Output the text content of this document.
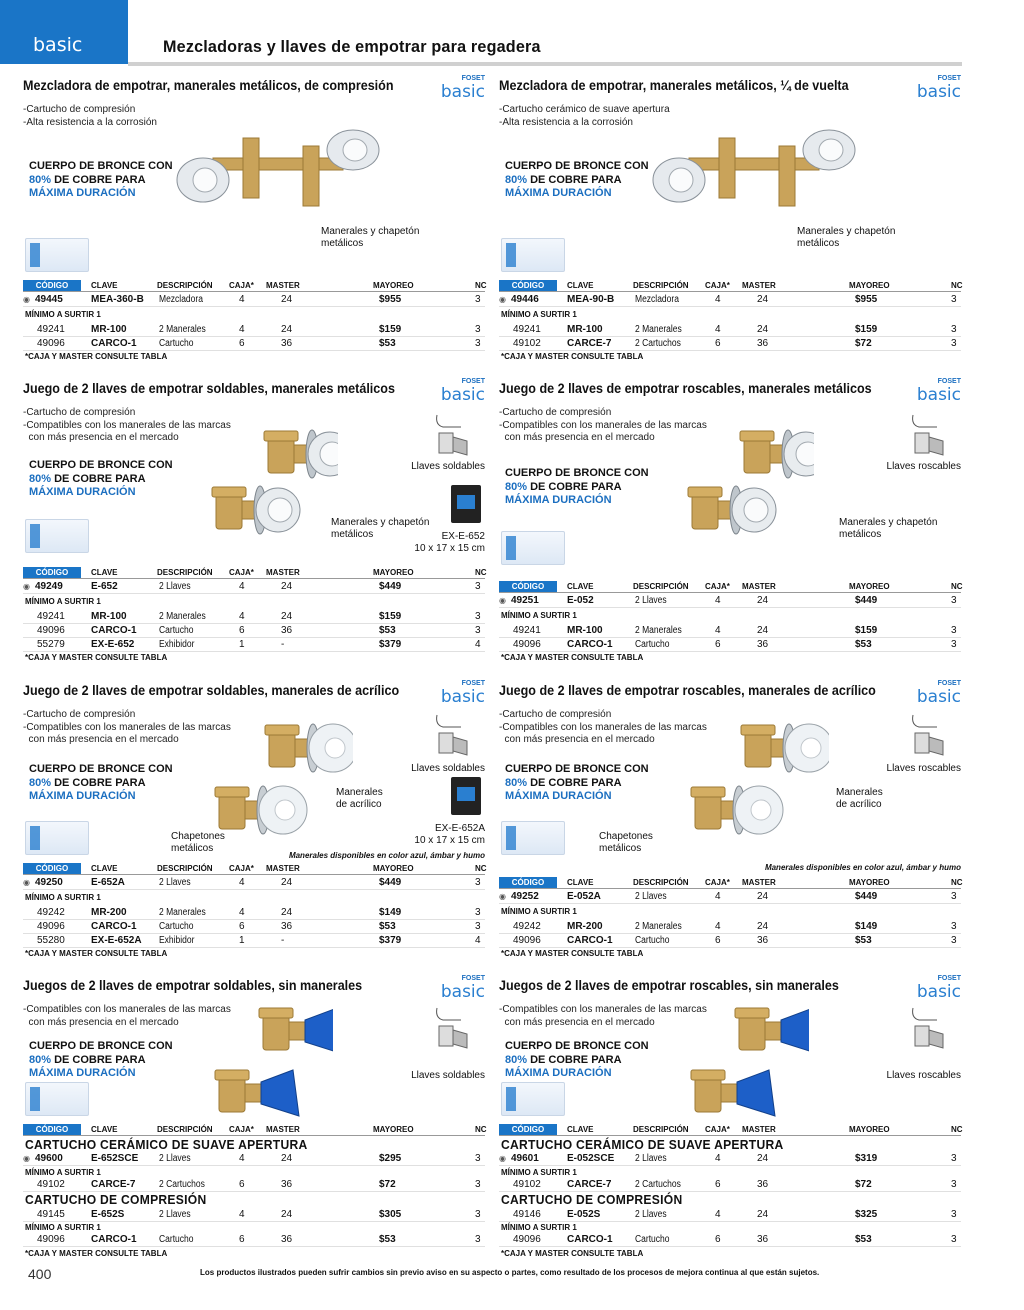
basic	Mezcladoras y llaves de empotrar para regadera
Mezcladora de empotrar, manerales metálicos, de compresión	FOSET
basic
-Cartucho de compresión
-Alta resistencia a la corrosión
CUERPO DE BRONCE CON
80% DE COBRE PARA
MÁXIMA DURACIÓN
Manerales y chapetón
metálicos
CÓDIGO	CLAVE	DESCRIPCIÓN CAJA* MASTER	MAYOREO	NC
◉ 49445	MEA-360-B Mezcladora	4	24	$955	3
MÍNIMO A SURTIR 1
49241	MR-100	2 Manerales	4	24	$159	3
49096	CARCO-1 Cartucho	6	36	$53	3
*CAJA Y MASTER CONSULTE TABLA
Mezcladora de empotrar, manerales metálicos, ¼ de vuelta	FOSET
basic
-Cartucho cerámico de suave apertura
-Alta resistencia a la corrosión
CUERPO DE BRONCE CON
80% DE COBRE PARA
MÁXIMA DURACIÓN
Manerales y chapetón
metálicos
CÓDIGO	CLAVE	DESCRIPCIÓN CAJA* MASTER	MAYOREO	NC
◉ 49446	MEA-90-B Mezcladora	4	24	$955	3
MÍNIMO A SURTIR 1
49241	MR-100	2 Manerales	4	24	$159	3
49102	CARCE-7 2 Cartuchos	6	36	$72	3
*CAJA Y MASTER CONSULTE TABLA
Juego de 2 llaves de empotrar soldables, manerales metálicos	FOSET
basic
-Cartucho de compresión
-Compatibles con los manerales de las marcas
con más presencia en el mercado
CUERPO DE BRONCE CON
80% DE COBRE PARA
MÁXIMA DURACIÓN
Llaves soldables
Manerales y chapetón
metálicos	EX-E-652
10 x 17 x 15 cm
CÓDIGO	CLAVE	DESCRIPCIÓN CAJA* MASTER	MAYOREO	NC
◉ 49249	E-652	2 Llaves	4	24	$449	3
MÍNIMO A SURTIR 1
49241	MR-100	2 Manerales	4	24	$159	3
49096	CARCO-1 Cartucho	6	36	$53	3
55279	EX-E-652 Exhibidor	1	-	$379	4
*CAJA Y MASTER CONSULTE TABLA
Juego de 2 llaves de empotrar roscables, manerales metálicos	FOSET
basic
-Cartucho de compresión
-Compatibles con los manerales de las marcas
con más presencia en el mercado
CUERPO DE BRONCE CON
80% DE COBRE PARA
MÁXIMA DURACIÓN
Llaves roscables
Manerales y chapetón
metálicos
CÓDIGO	CLAVE	DESCRIPCIÓN CAJA* MASTER	MAYOREO	NC
◉ 49251	E-052	2 Llaves	4	24	$449	3
MÍNIMO A SURTIR 1
49241	MR-100	2 Manerales	4	24	$159	3
49096	CARCO-1 Cartucho	6	36	$53	3
*CAJA Y MASTER CONSULTE TABLA
Juego de 2 llaves de empotrar soldables, manerales de acrílico	FOSET
basic
-Cartucho de compresión
-Compatibles con los manerales de las marcas
con más presencia en el mercado
CUERPO DE BRONCE CON
80% DE COBRE PARA
MÁXIMA DURACIÓN
Llaves soldables
Manerales
de acrílico
Chapetones
metálicos
EX-E-652A
10 x 17 x 15 cm
Manerales disponibles en color azul, ámbar y humo
CÓDIGO	CLAVE	DESCRIPCIÓN CAJA* MASTER	MAYOREO	NC
◉ 49250	E-652A	2 Llaves	4	24	$449	3
MÍNIMO A SURTIR 1
49242	MR-200	2 Manerales	4	24	$149	3
49096	CARCO-1 Cartucho	6	36	$53	3
55280	EX-E-652A Exhibidor	1	-	$379	4
*CAJA Y MASTER CONSULTE TABLA
Juego de 2 llaves de empotrar roscables, manerales de acrílico	FOSET
basic
-Cartucho de compresión
-Compatibles con los manerales de las marcas
con más presencia en el mercado
CUERPO DE BRONCE CON
80% DE COBRE PARA
MÁXIMA DURACIÓN
Llaves roscables
Manerales
de acrílico
Chapetones
metálicos
Manerales disponibles en color azul, ámbar y humo
CÓDIGO	CLAVE	DESCRIPCIÓN CAJA* MASTER	MAYOREO	NC
◉ 49252	E-052A	2 Llaves	4	24	$449	3
MÍNIMO A SURTIR 1
49242	MR-200	2 Manerales	4	24	$149	3
49096	CARCO-1 Cartucho	6	36	$53	3
*CAJA Y MASTER CONSULTE TABLA
Juegos de 2 llaves de empotrar soldables, sin manerales	FOSET
basic
-Compatibles con los manerales de las marcas
con más presencia en el mercado
CUERPO DE BRONCE CON
80% DE COBRE PARA
MÁXIMA DURACIÓN	Llaves soldables
CÓDIGO	CLAVE	DESCRIPCIÓN CAJA* MASTER	MAYOREO	NC
CARTUCHO CERÁMICO DE SUAVE APERTURA
◉ 49600	E-652SCE 2 Llaves	4	24	$295	3
MÍNIMO A SURTIR 1
49102	CARCE-7 2 Cartuchos	6	36	$72	3
CARTUCHO DE COMPRESIÓN
49145	E-652S	2 Llaves	4	24	$305	3
MÍNIMO A SURTIR 1
49096	CARCO-1 Cartucho	6	36	$53	3
*CAJA Y MASTER CONSULTE TABLA
Juegos de 2 llaves de empotrar roscables, sin manerales	FOSET
basic
-Compatibles con los manerales de las marcas
con más presencia en el mercado
CUERPO DE BRONCE CON
80% DE COBRE PARA
MÁXIMA DURACIÓN	Llaves roscables
CÓDIGO	CLAVE	DESCRIPCIÓN CAJA* MASTER	MAYOREO	NC
CARTUCHO CERÁMICO DE SUAVE APERTURA
◉ 49601	E-052SCE 2 Llaves	4	24	$319	3
MÍNIMO A SURTIR 1
49102	CARCE-7 2 Cartuchos	6	36	$72	3
CARTUCHO DE COMPRESIÓN
49146	E-052S	2 Llaves	4	24	$325	3
MÍNIMO A SURTIR 1
49096	CARCO-1 Cartucho	6	36	$53	3
*CAJA Y MASTER CONSULTE TABLA
400	Los productos ilustrados pueden sufrir cambios sin previo aviso en su aspecto o partes, como resultado de los procesos de mejora continua al que están sujetos.
